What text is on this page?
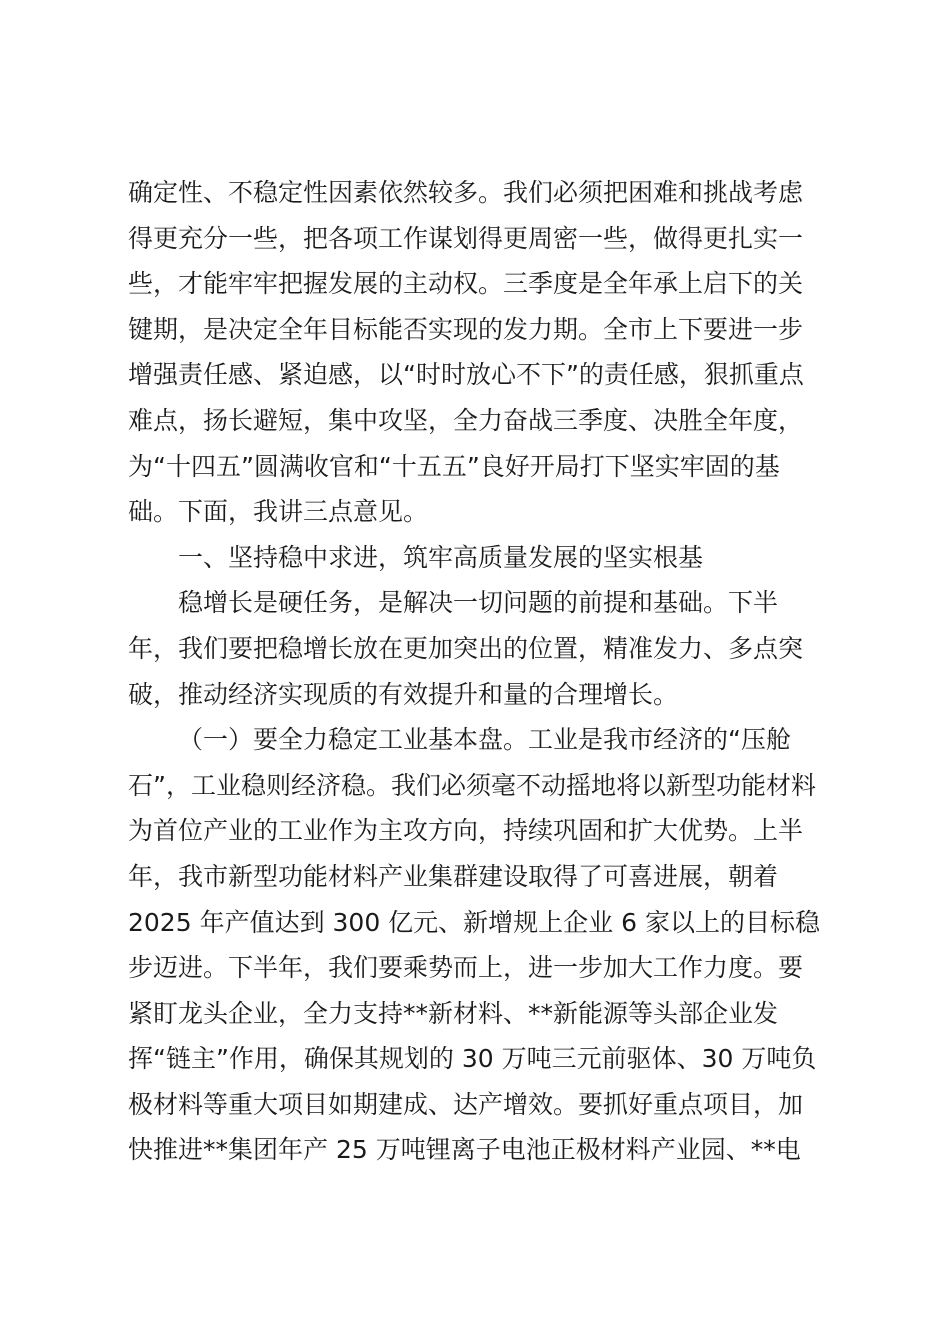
确定性、不稳定性因素依然较多。我们必须把困难和挑战考虑
得更充分一些，把各项工作谋划得更周密一些，做得更扎实一
些，才能牢牢把握发展的主动权。三季度是全年承上启下的关
键期，是决定全年目标能否实现的发力期。全市上下要进一步
增强责任感、紧迫感，以“时时放心不下”的责任感，狠抓重点
难点，扬长避短，集中攻坚，全力奋战三季度、决胜全年度，
为“十四五”圆满收官和“十五五”良好开局打下坚实牢固的基
础。下面，我讲三点意见。
一、坚持稳中求进，筑牢高质量发展的坚实根基
稳增长是硬任务，是解决一切问题的前提和基础。下半
年，我们要把稳增长放在更加突出的位置，精准发力、多点突
破，推动经济实现质的有效提升和量的合理增长。
（一）要全力稳定工业基本盘。工业是我市经济的“压舱
石”，工业稳则经济稳。我们必须毫不动摇地将以新型功能材料
为首位产业的工业作为主攻方向，持续巩固和扩大优势。上半
年，我市新型功能材料产业集群建设取得了可喜进展，朝着
2025 年产值达到 300 亿元、新增规上企业 6 家以上的目标稳
步迈进。下半年，我们要乘势而上，进一步加大工作力度。要
紧盯龙头企业，全力支持**新材料、**新能源等头部企业发
挥“链主”作用，确保其规划的 30 万吨三元前驱体、30 万吨负
极材料等重大项目如期建成、达产增效。要抓好重点项目，加
快推进**集团年产 25 万吨锂离子电池正极材料产业园、**电
